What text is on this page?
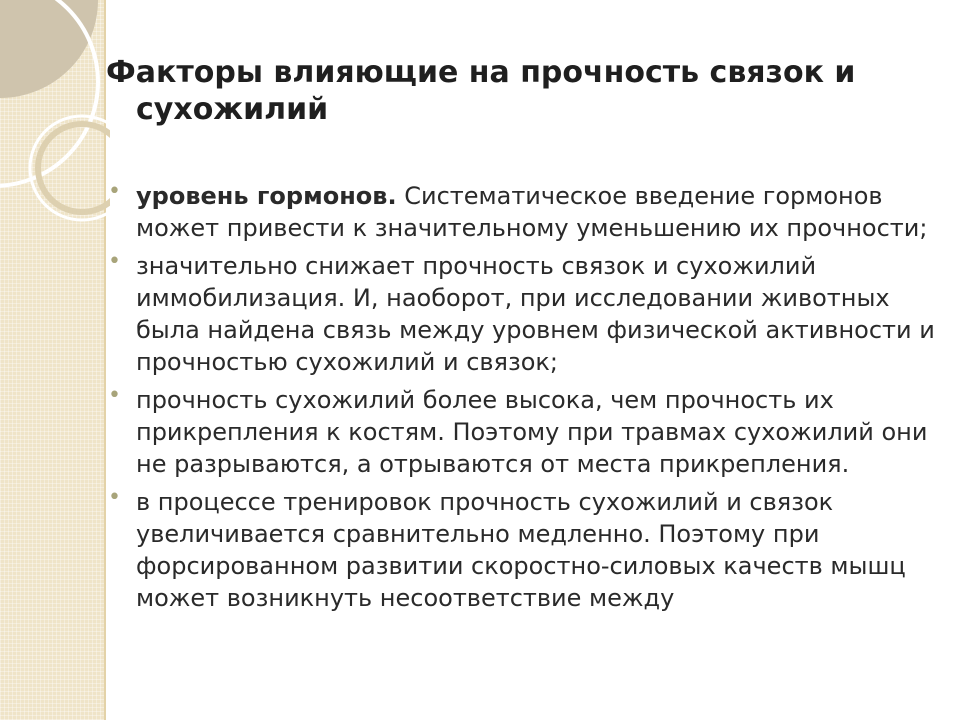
Факторы влияющие на прочность связок и
сухожилий
• уровень гормонов. Систематическое введение гормонов может привести к значительному уменьшению их прочности;
• значительно снижает прочность связок и сухожилий иммобилизация. И, наоборот, при исследовании животных была найдена связь между уровнем физической активности и прочностью сухожилий и связок;
• прочность сухожилий более высока, чем прочность их прикрепления к костям. Поэтому при травмах сухожилий они не разрываются, а отрываются от места прикрепления.
• в процессе тренировок прочность сухожилий и связок увеличивается сравнительно медленно. Поэтому при форсированном развитии скоростно-силовых качеств мышц может возникнуть несоответствие между
